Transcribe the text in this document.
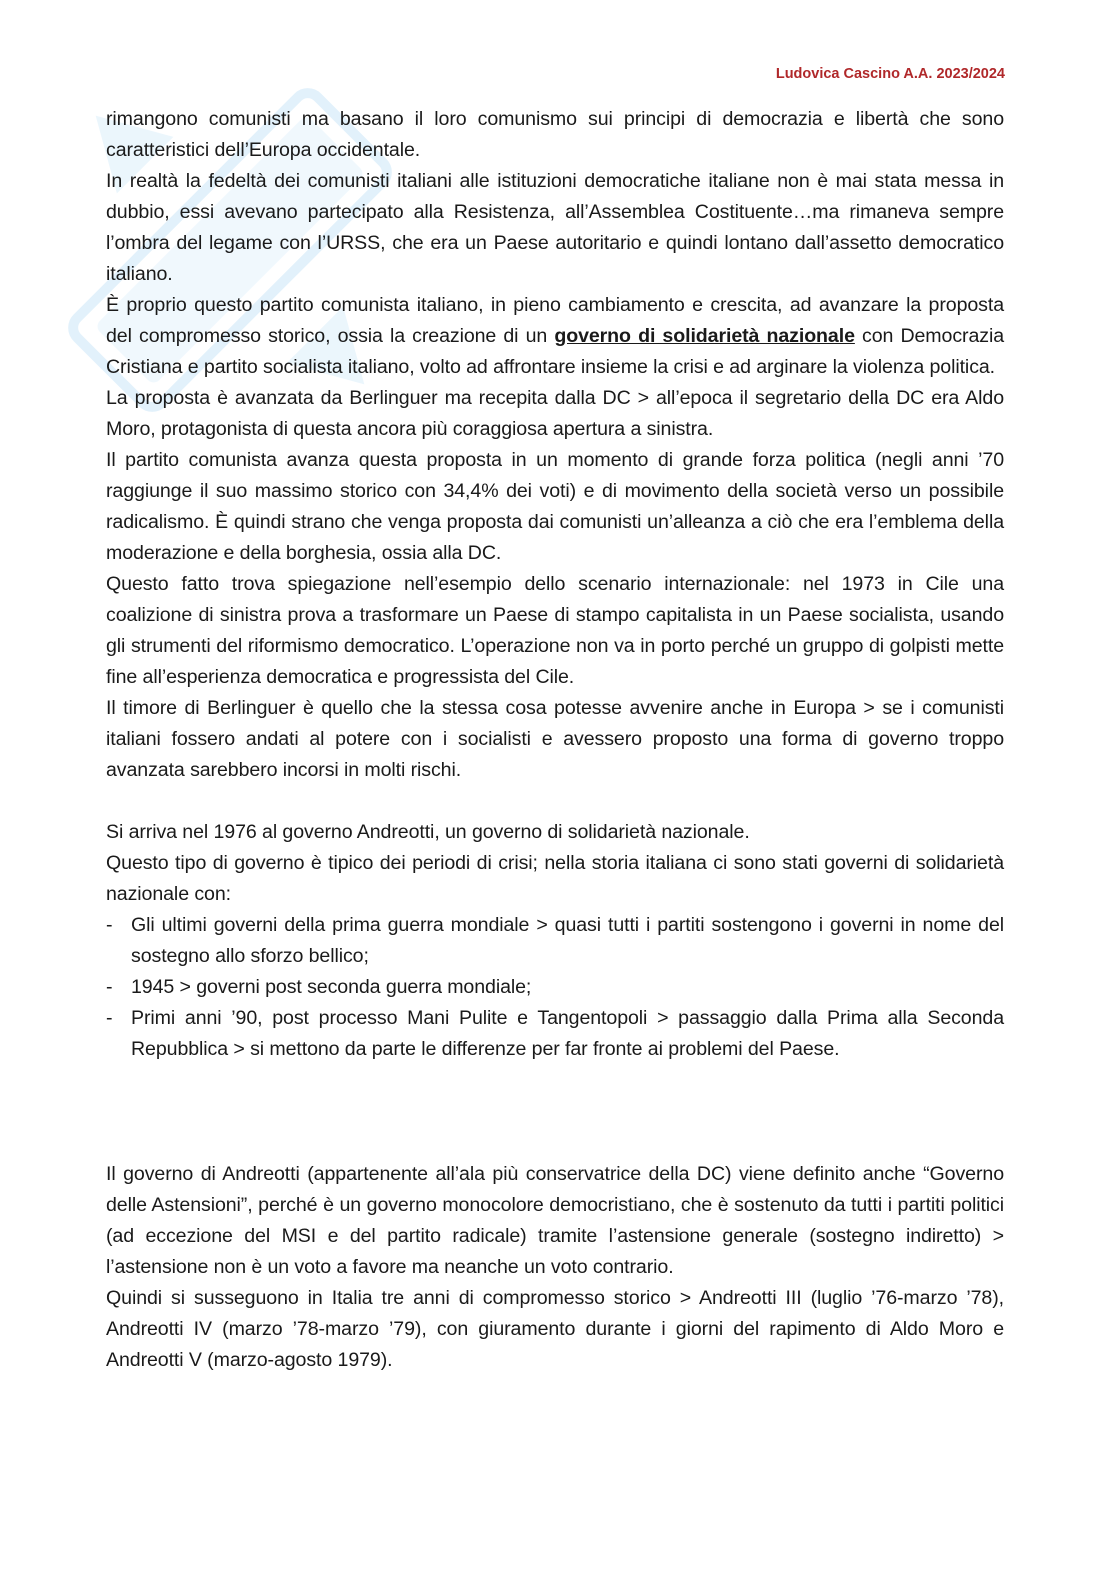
Ludovica Cascino A.A. 2023/2024

rimangono comunisti ma basano il loro comunismo sui principi di democrazia e libertà che sono caratteristici dell’Europa occidentale.

In realtà la fedeltà dei comunisti italiani alle istituzioni democratiche italiane non è mai stata messa in dubbio, essi avevano partecipato alla Resistenza, all’Assemblea Costituente…ma rimaneva sempre l’ombra del legame con l’URSS, che era un Paese autoritario e quindi lontano dall’assetto democratico italiano.

È proprio questo partito comunista italiano, in pieno cambiamento e crescita, ad avanzare la proposta del compromesso storico, ossia la creazione di un governo di solidarietà nazionale con Democrazia Cristiana e partito socialista italiano, volto ad affrontare insieme la crisi e ad arginare la violenza politica.

La proposta è avanzata da Berlinguer ma recepita dalla DC > all’epoca il segretario della DC era Aldo Moro, protagonista di questa ancora più coraggiosa apertura a sinistra.

Il partito comunista avanza questa proposta in un momento di grande forza politica (negli anni ’70 raggiunge il suo massimo storico con 34,4% dei voti) e di movimento della società verso un possibile radicalismo. È quindi strano che venga proposta dai comunisti un’alleanza a ciò che era l’emblema della moderazione e della borghesia, ossia alla DC.

Questo fatto trova spiegazione nell’esempio dello scenario internazionale: nel 1973 in Cile una coalizione di sinistra prova a trasformare un Paese di stampo capitalista in un Paese socialista, usando gli strumenti del riformismo democratico. L’operazione non va in porto perché un gruppo di golpisti mette fine all’esperienza democratica e progressista del Cile.

Il timore di Berlinguer è quello che la stessa cosa potesse avvenire anche in Europa > se i comunisti italiani fossero andati al potere con i socialisti e avessero proposto una forma di governo troppo avanzata sarebbero incorsi in molti rischi.

Si arriva nel 1976 al governo Andreotti, un governo di solidarietà nazionale.

Questo tipo di governo è tipico dei periodi di crisi; nella storia italiana ci sono stati governi di solidarietà nazionale con:

- Gli ultimi governi della prima guerra mondiale > quasi tutti i partiti sostengono i governi in nome del sostegno allo sforzo bellico;
- 1945 > governi post seconda guerra mondiale;
- Primi anni ’90, post processo Mani Pulite e Tangentopoli > passaggio dalla Prima alla Seconda Repubblica > si mettono da parte le differenze per far fronte ai problemi del Paese.

Il governo di Andreotti (appartenente all’ala più conservatrice della DC) viene definito anche “Governo delle Astensioni”, perché è un governo monocolore democristiano, che è sostenuto da tutti i partiti politici (ad eccezione del MSI e del partito radicale) tramite l’astensione generale (sostegno indiretto) > l’astensione non è un voto a favore ma neanche un voto contrario.

Quindi si susseguono in Italia tre anni di compromesso storico > Andreotti III (luglio ’76-marzo ’78), Andreotti IV (marzo ’78-marzo ’79), con giuramento durante i giorni del rapimento di Aldo Moro e Andreotti V (marzo-agosto 1979).
